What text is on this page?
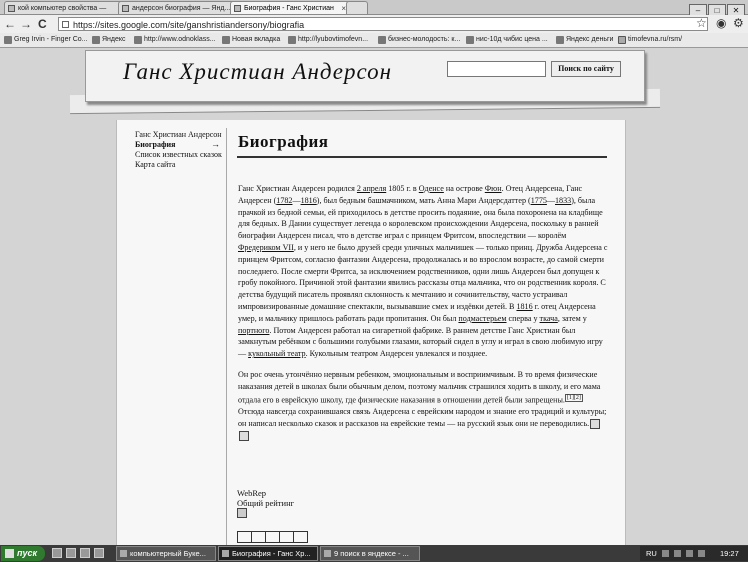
кой компьютер свойства —	андерсон биография — Янд...	Биография - Ганс Христиан ×	– □ ✕
← → C	https://sites.google.com/site/ganshristiandersony/biografia	☆ ◉ ⚙
Greg Irvin - Finger Co...	Яндекс	http://www.odnoklass...	Новая вкладка	http://lyubovtimofevn...	бизнес-молодость: к...	нис-10д чибис цена ...	Яндекс деньги	timofevna.ru/rsm/
Ганс Христиан Андерсон	Поиск по сайту
Ганс Христиан Андерсон
Биография	→
Список известных сказок
Карта сайта
Биография

Ганс Христиан Андерсен родился 2 апреля 1805 г. в Оденсе на острове Фюн. Отец Андерсена, Ганс Андерсен (1782—1816), был бедным башмачником, мать Анна Мари Андерсдаттер (1775—1833), была прачкой из бедной семьи, ей приходилось в детстве просить подаяние, она была похоронена на кладбище для бедных. В Дании существует легенда о королевском происхождении Андерсена, поскольку в ранней биографии Андерсен писал, что в детстве играл с принцем Фритсом, впоследствии — королём Фредериком VII, и у него не было друзей среди уличных мальчишек — только принц. Дружба Андерсена с принцем Фритсом, согласно фантазии Андерсена, продолжалась и во взрослом возрасте, до самой смерти последнего. После смерти Фритса, за исключением родственников, одни лишь Андерсен был допущен к гробу покойного. Причиной этой фантазии явились рассказы отца мальчика, что он родственник короля. С детства будущий писатель проявлял склонность к мечтанию и сочинительству, часто устраивал импровизированные домашние спектакли, вызывавшие смех и издёвки детей. В 1816 г. отец Андерсена умер, и мальчику пришлось работать ради пропитания. Он был подмастерьем сперва у ткача, затем у портного. Потом Андерсен работал на сигаретной фабрике. В раннем детстве Ганс Христиан был замкнутым ребёнком с большими голубыми глазами, который сидел в углу и играл в свою любимую игру — кукольный театр. Кукольным театром Андерсен увлекался и позднее.

Он рос очень утончённо нервным ребенком, эмоциональным и восприимчивым. В то время физические наказания детей в школах были обычным делом, поэтому мальчик страшился ходить в школу, и его мама отдала его в еврейскую школу, где физические наказания в отношении детей были запрещены. [1][2] Отсюда навсегда сохранившаяся связь Андерсена с еврейским народом и знание его традиций и культуры; он написал несколько сказок и рассказов на еврейские темы — на русский язык они не переводились.

WebRep
Общий рейтинг
пуск	компьютерный Буке...	Биография - Ганс Хр...	9 поиск в яндексе - ...	RU	19:27
